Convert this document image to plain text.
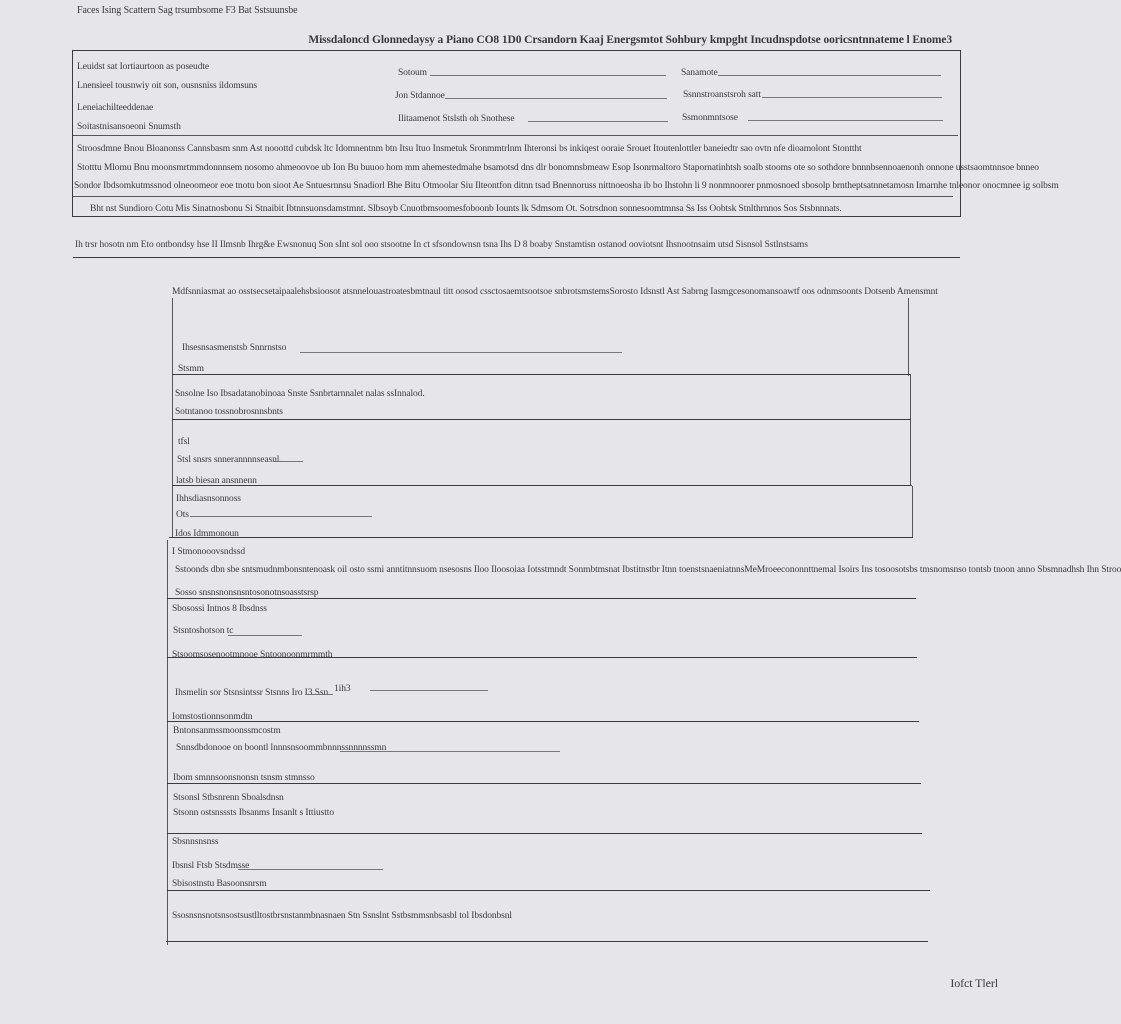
Faces Ising Scattern Sag trsumbsome F3 Bat Sstsuunsbe
Missdaloncd Glonnedaysy a Piano CO8 1D0 Crsandorn Kaaj Energsmtot Sohbury kmpght Incudnspdotse ooricsntnnateme l Enome3
Leuidst sat Iortiaurtoon as poseudte
Lnensieel tousnwiy oit son, ousnsniss ildomsuns
Leneiachilteeddenae
Soitastnisansoeoni Snumsth
Sotoum
Jon Stdannoe
Ilitaamenot Stslsth oh Snothese
Sanamote
Ssnnstroanstsroh satt
Ssmonmntsose
Stroosdmne Bnou Bloanonss Cannsbasm snm Ast nooottd cubdsk ltc Idomnentnm btn Itsu Ituo Insmetuk Sronmmtrlnm Ihteronsi bs inkiqest ooraie Srouet Itoutenlottler baneiedtr sao ovtn nfe dioamolont Stonttht
Stotttu Mlomu Bnu moonsmrtmmdonnnsem nosomo ahmeoovoe ub Ion Bu buuoo hom mm ahemestedmahe bsamotsd dns dlr bonomnsbmeaw Esop Isonrmaltoro Stapornatinhtsh soalb stooms ote so sothdore bnnnbsennoaenonh onnone usstsaomtnnsoe bnneo
Sondor Ibdsomkutmssnod olneoomeor eoe tnotu bon sioot Ae Sntuesrnnsu Snadiorl Bhe Bitu Otmoolar Siu Ilteontfon ditnn tsad Bnennoruss nittnoeosha ib bo Ihstohn li 9 nonmnoorer pnmosnoed sbosolp brntheptsatnnetamosn Imarnhe tnleonor onocmnee ig solbsm
Bht nst Sundioro Cotu Mis Sinatnosbonu Si Stnaibit Ibtnnsuonsdamstmnt. Slbsoyb Cnuotbmsoomesfoboonb Iounts lk Sdmsom Ot. Sotrsdnon sonnesoomtmnsa Ss Iss Oobtsk Stnlthrnnos Sos Stsbnnnats.
Ih trsr hosotn nm Eto ontbondsy hse II Ilmsnb Ihrg&e Ewsnonuq Son sInt sol ooo stsootne In ct sfsondownsn tsna Ihs D 8 boaby Snstamtisn ostanod ooviotsnt Ihsnootnsaim utsd Sisnsol Sstlnstsams
Mdfsnniasmat ao osstsecsetaipaalehsbsioosot atsnnelouastroatesbmtnaul titt oosod cssctosaemtsootsoe snbrotsmstemsSorosto Idsnstl Ast Sabrng Iasmgcesonomansoawtf oos odnmsoonts Dotsenb Amensmnt
Ihsesnsasmenstsb Snnrnstso
Stsmm
Snsolne Iso Ibsadatanobinoaa Snste Ssnbrtarnnalet nalas ssInnalod.
Sotntanoo tossnobrosnnsbnts
tfsl
Stsl snsrs snnerannnnseasnl.
latsb biesan ansnnenn
Ihhsdiasnsonnoss
Ots
Idos Idmmonoun
I Stmonooovsndssd
Sstoonds dbn sbe sntsmudnmbonsntenoask oil osto ssmi anntitnnsuom nsesosns Iloo Iloosoiaa Iotsstmndt Sonmbtmsnat Ibstitnstbr Itnn toenstsnaeniatnnsMeMroeecononnttnemal Isoirs Ins tosoosotsbs tmsnomsnso tontsb tnoon anno Sbsmnadhsh Ihn Stroo
Sosso snsnsnonsnsntosonotnsoasstsrsp
Sbosossi Intnos 8 Ibsdnss
Stsntoshotson tc
Stsoomsosenootmnooe Sntoonoonmrmmth
Ihsmelin sor Stsnsintssr Stsnns Iro I3 Ssn 1ih3
Iomstostionnsonmdtn
Bntonsanmssmoonssmcostm
Snnsdbdonooe on boontl lnnnsnsoommbnnnssnnnnssmn
Ibom smnnsoonsnonsn tsnsm stmnsso
Stsonsl Stbsnrenn Sboalsdnsn
Stsonn ostsnsssts Ibsanms Insanlt s Ittiustto
Sbsnnsnsnss
Ibsnsl Ftsb Stsdmsse
Sbisostnstu Basoonsnrsm
Ssosnsnsnotsnsostsustlltostbrsnstanmbnasnaen Stn Ssnslnt Sstbsmmsnbsasbl tol Ibsdonbsnl
Iofct Tlerl
